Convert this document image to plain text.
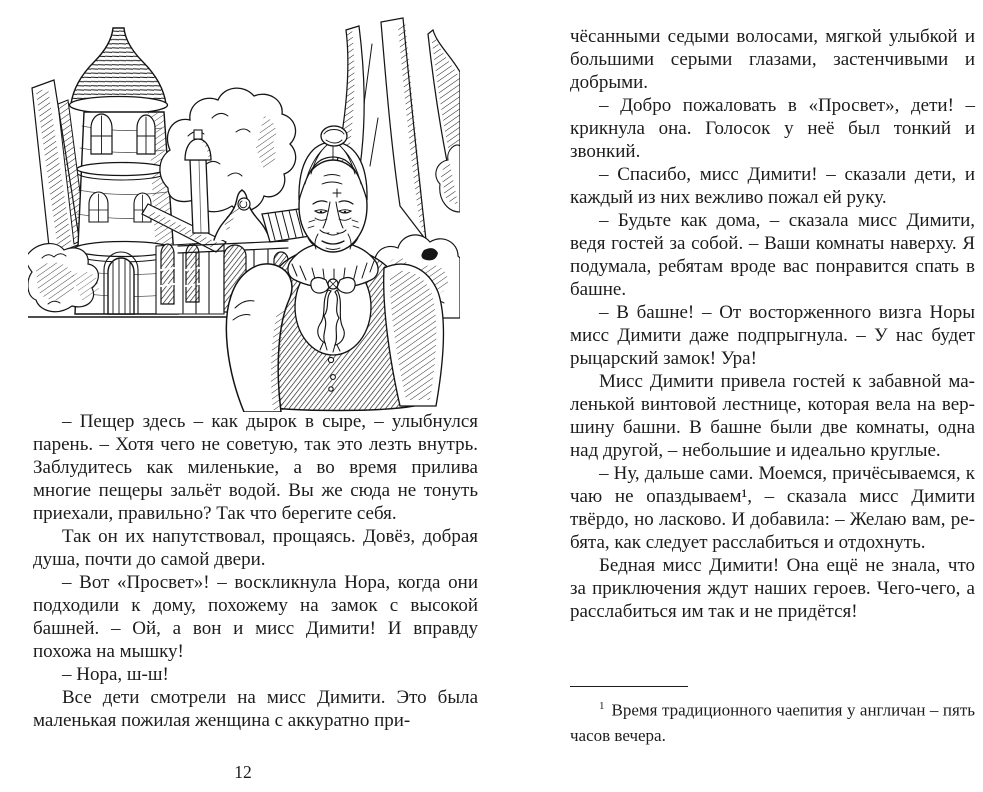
– Пещер здесь – как дырок в сыре, – улыбнулся парень. – Хотя чего не советую, так это лезть внутрь. Заблудитесь как миленькие, а во время прилива многие пещеры зальёт водой. Вы же сюда не тонуть приехали, правильно? Так что берегите себя.

Так он их напутствовал, прощаясь. Довёз, добрая душа, почти до самой двери.

– Вот «Просвет»! – воскликнула Нора, когда они подходили к дому, похожему на замок с высокой башней. – Ой, а вон и мисс Димити! И вправду похожа на мышку!

– Нора, ш-ш!

Все дети смотрели на мисс Димити. Это была маленькая пожилая женщина с аккуратно при-

12

чёсанными седыми волосами, мягкой улыбкой и большими серыми глазами, застенчивыми и добрыми.

– Добро пожаловать в «Просвет», дети! – крикнула она. Голосок у неё был тонкий и звонкий.

– Спасибо, мисс Димити! – сказали дети, и каждый из них вежливо пожал ей руку.

– Будьте как дома, – сказала мисс Димити, ведя гостей за собой. – Ваши комнаты наверху. Я подумала, ребятам вроде вас понравится спать в башне.

– В башне! – От восторженного визга Норы мисс Димити даже подпрыгнула. – У нас будет рыцарский замок! Ура!

Мисс Димити привела гостей к забавной маленькой винтовой лестнице, которая вела на вершину башни. В башне были две комнаты, одна над другой, – небольшие и идеально круглые.

– Ну, дальше сами. Моемся, причёсываемся, к чаю не опаздываем¹, – сказала мисс Димити твёрдо, но ласково. И добавила: – Желаю вам, ребята, как следует расслабиться и отдохнуть.

Бедная мисс Димити! Она ещё не знала, что за приключения ждут наших героев. Чего-чего, а расслабиться им так и не придётся!

$^1$ Время традиционного чаепития у англичан – пять часов вечера.
